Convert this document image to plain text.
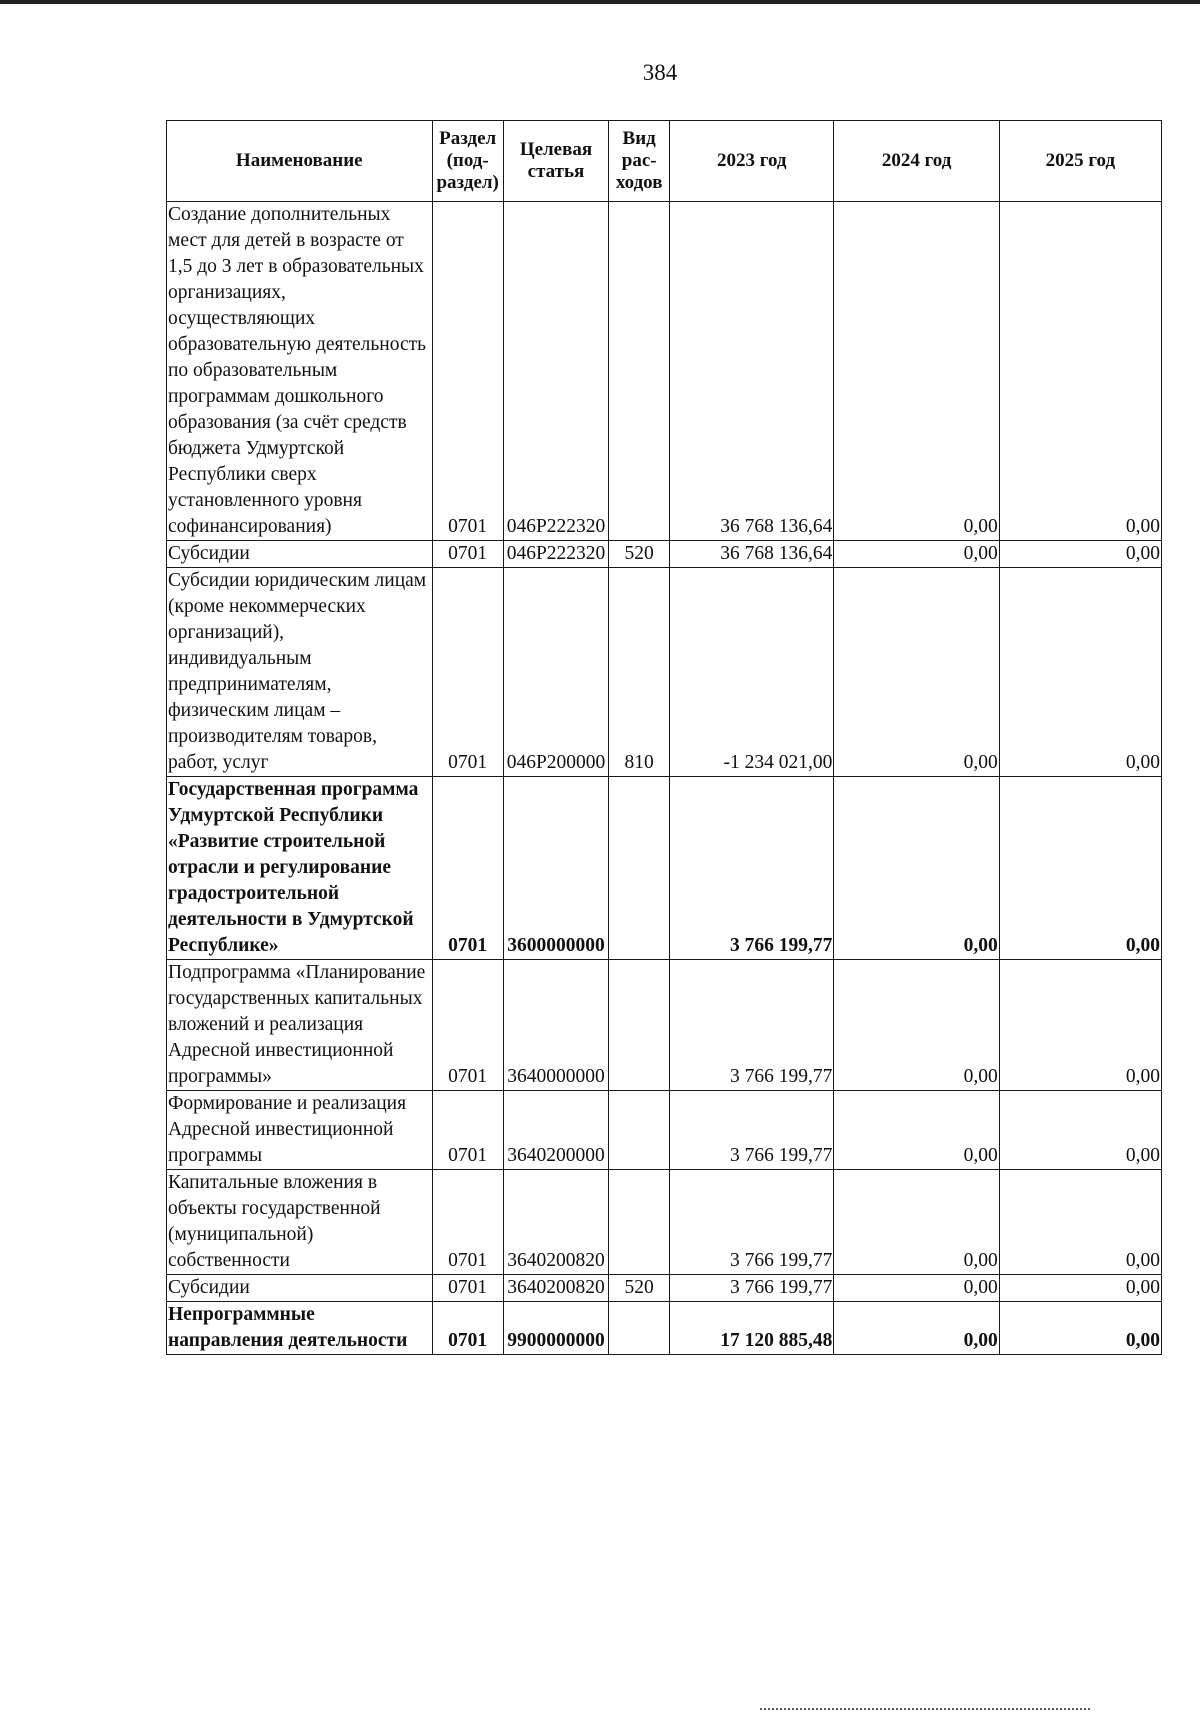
384
Наименование	Раздел (под-раздел)	Целевая статья	Вид рас-ходов	2023 год	2024 год	2025 год
Создание дополнительных мест для детей в возрасте от 1,5 до 3 лет в образовательных организациях, осуществляющих образовательную деятельность по образовательным программам дошкольного образования (за счёт средств бюджета Удмуртской Республики сверх установленного уровня софинансирования)	0701	046P222320		36 768 136,64	0,00	0,00
Субсидии	0701	046P222320	520	36 768 136,64	0,00	0,00
Субсидии юридическим лицам (кроме некоммерческих организаций), индивидуальным предпринимателям, физическим лицам – производителям товаров, работ, услуг	0701	046P200000	810	-1 234 021,00	0,00	0,00
Государственная программа Удмуртской Республики «Развитие строительной отрасли и регулирование градостроительной деятельности в Удмуртской Республике»	0701	3600000000		3 766 199,77	0,00	0,00
Подпрограмма «Планирование государственных капитальных вложений и реализация Адресной инвестиционной программы»	0701	3640000000		3 766 199,77	0,00	0,00
Формирование и реализация Адресной инвестиционной программы	0701	3640200000		3 766 199,77	0,00	0,00
Капитальные вложения в объекты государственной (муниципальной) собственности	0701	3640200820		3 766 199,77	0,00	0,00
Субсидии	0701	3640200820	520	3 766 199,77	0,00	0,00
Непрограммные направления деятельности	0701	9900000000		17 120 885,48	0,00	0,00
